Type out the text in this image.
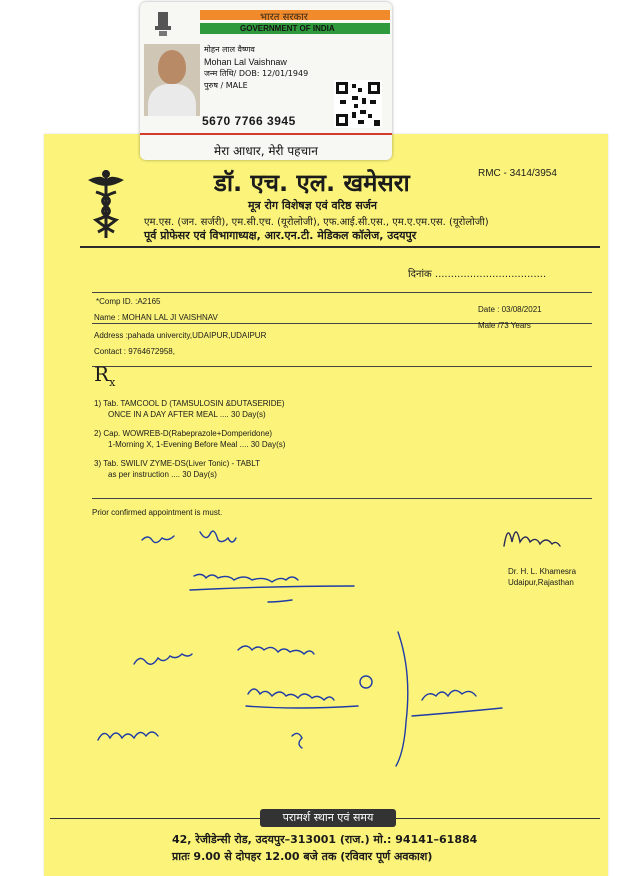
भारत सरकार
GOVERNMENT OF INDIA
मोहन लाल वैष्णव
Mohan Lal Vaishnaw
जन्म तिथि/ DOB: 12/01/1949
पुरुष / MALE
5670 7766 3945
मेरा आधार, मेरी पहचान
डॉ. एच. एल. खमेसरा	RMC - 3414/3954
मूत्र रोग विशेषज्ञ एवं वरिष्ठ सर्जन
एम.एस. (जन. सर्जरी), एम.सी.एच. (यूरोलोजी), एफ.आई.सी.एस., एम.ए.एम.एस. (यूरोलोजी)
पूर्व प्रोफेसर एवं विभागाध्यक्ष, आर.एन.टी. मेडिकल कॉलेज, उदयपुर
दिनांक ...................................
*Comp ID. :A2165
Date : 03/08/2021
Name : MOHAN LAL JI VAISHNAV
Male /73 Years
Address :pahada univercity,UDAIPUR,UDAIPUR
Contact : 9764672958,
$R_x$
1) Tab. TAMCOOL D (TAMSULOSIN &DUTASERIDE)
ONCE IN A DAY AFTER MEAL .... 30 Day(s)
2) Cap. WOWREB-D(Rabeprazole+Domperidone)
1-Morning X, 1-Evening Before Meal .... 30 Day(s)
3) Tab. SWILIV ZYME-DS(Liver Tonic) - TABLT
as per instruction .... 30 Day(s)
Prior confirmed appointment is must.
Dr. H. L. Khamesra
Udaipur,Rajasthan
परामर्श स्थान एवं समय
42, रेजीडेन्सी रोड, उदयपुर–313001 (राज.) मो.: 94141–61884
प्रातः 9.00 से दोपहर 12.00 बजे तक (रविवार पूर्ण अवकाश)
